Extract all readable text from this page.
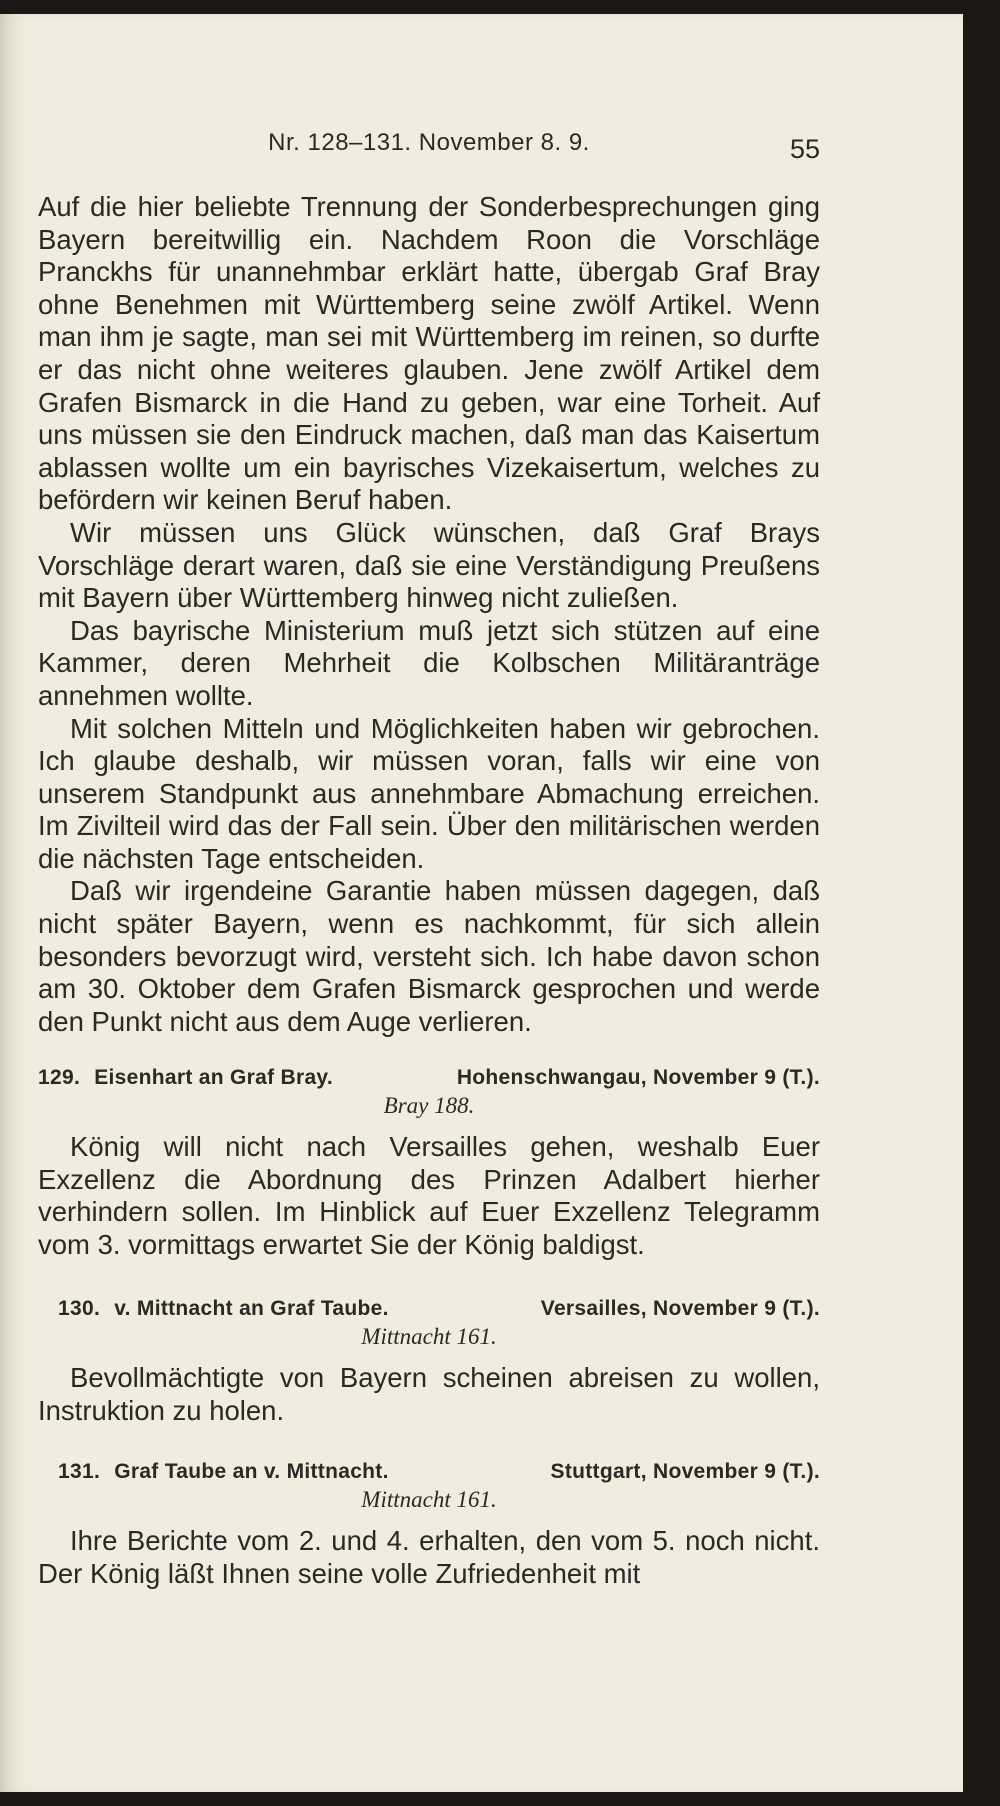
Nr. 128–131. November 8. 9.	55

Auf die hier beliebte Trennung der Sonderbesprechungen ging Bayern bereitwillig ein. Nachdem Roon die Vorschläge Pranckhs für unannehmbar erklärt hatte, übergab Graf Bray ohne Benehmen mit Württemberg seine zwölf Artikel. Wenn man ihm je sagte, man sei mit Württemberg im reinen, so durfte er das nicht ohne weiteres glauben. Jene zwölf Artikel dem Grafen Bismarck in die Hand zu geben, war eine Torheit. Auf uns müssen sie den Eindruck machen, daß man das Kaisertum ablassen wollte um ein bayrisches Vizekaisertum, welches zu befördern wir keinen Beruf haben.

Wir müssen uns Glück wünschen, daß Graf Brays Vorschläge derart waren, daß sie eine Verständigung Preußens mit Bayern über Württemberg hinweg nicht zuließen.

Das bayrische Ministerium muß jetzt sich stützen auf eine Kammer, deren Mehrheit die Kolbschen Militäranträge annehmen wollte.

Mit solchen Mitteln und Möglichkeiten haben wir gebrochen. Ich glaube deshalb, wir müssen voran, falls wir eine von unserem Standpunkt aus annehmbare Abmachung erreichen. Im Zivilteil wird das der Fall sein. Über den militärischen werden die nächsten Tage entscheiden.

Daß wir irgendeine Garantie haben müssen dagegen, daß nicht später Bayern, wenn es nachkommt, für sich allein besonders bevorzugt wird, versteht sich. Ich habe davon schon am 30. Oktober dem Grafen Bismarck gesprochen und werde den Punkt nicht aus dem Auge verlieren.

129. Eisenhart an Graf Bray.	Hohenschwangau, November 9 (T.).
Bray 188.

König will nicht nach Versailles gehen, weshalb Euer Exzellenz die Abordnung des Prinzen Adalbert hierher verhindern sollen. Im Hinblick auf Euer Exzellenz Telegramm vom 3. vormittags erwartet Sie der König baldigst.

130. v. Mittnacht an Graf Taube.	Versailles, November 9 (T.).
Mittnacht 161.

Bevollmächtigte von Bayern scheinen abreisen zu wollen, Instruktion zu holen.

131. Graf Taube an v. Mittnacht.	Stuttgart, November 9 (T.).
Mittnacht 161.

Ihre Berichte vom 2. und 4. erhalten, den vom 5. noch nicht. Der König läßt Ihnen seine volle Zufriedenheit mit
